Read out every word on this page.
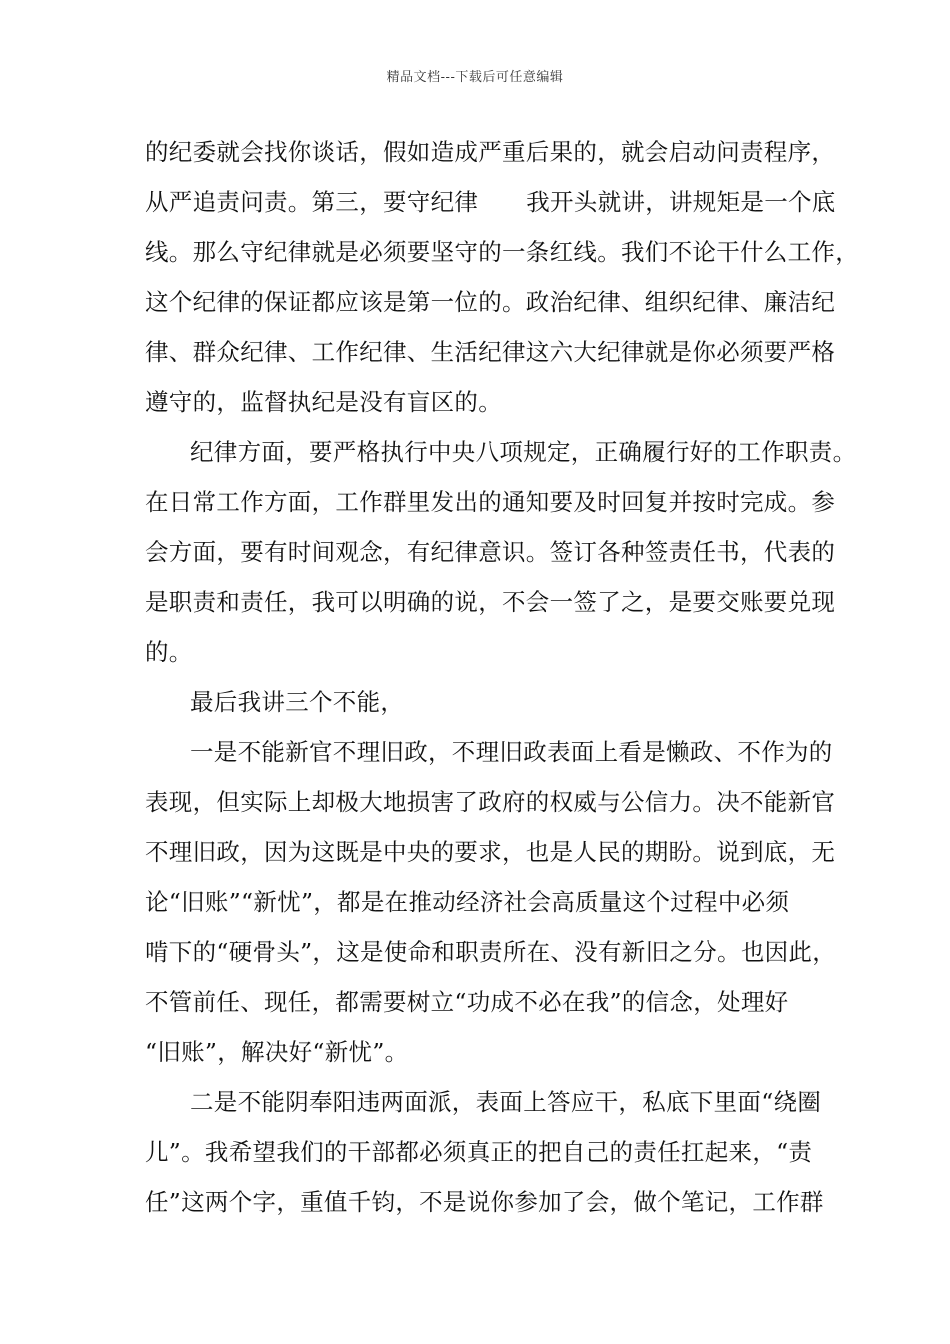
精品文档---下载后可任意编辑
的纪委就会找你谈话，假如造成严重后果的，就会启动问责程序，
从严追责问责。第三，要守纪律 我开头就讲，讲规矩是一个底
线。那么守纪律就是必须要坚守的一条红线。我们不论干什么工作，
这个纪律的保证都应该是第一位的。政治纪律、组织纪律、廉洁纪
律、群众纪律、工作纪律、生活纪律这六大纪律就是你必须要严格
遵守的，监督执纪是没有盲区的。
纪律方面，要严格执行中央八项规定，正确履行好的工作职责。
在日常工作方面，工作群里发出的通知要及时回复并按时完成。参
会方面，要有时间观念，有纪律意识。签订各种签责任书，代表的
是职责和责任，我可以明确的说，不会一签了之，是要交账要兑现
的。
最后我讲三个不能，
一是不能新官不理旧政，不理旧政表面上看是懒政、不作为的
表现，但实际上却极大地损害了政府的权威与公信力。决不能新官
不理旧政，因为这既是中央的要求，也是人民的期盼。说到底，无
论“旧账”“新忧”，都是在推动经济社会高质量这个过程中必须
啃下的“硬骨头”，这是使命和职责所在、没有新旧之分。也因此，
不管前任、现任，都需要树立“功成不必在我”的信念，处理好
“旧账”，解决好“新忧”。
二是不能阴奉阳违两面派，表面上答应干，私底下里面“绕圈
儿”。我希望我们的干部都必须真正的把自己的责任扛起来，“责
任”这两个字，重值千钧，不是说你参加了会，做个笔记，工作群
